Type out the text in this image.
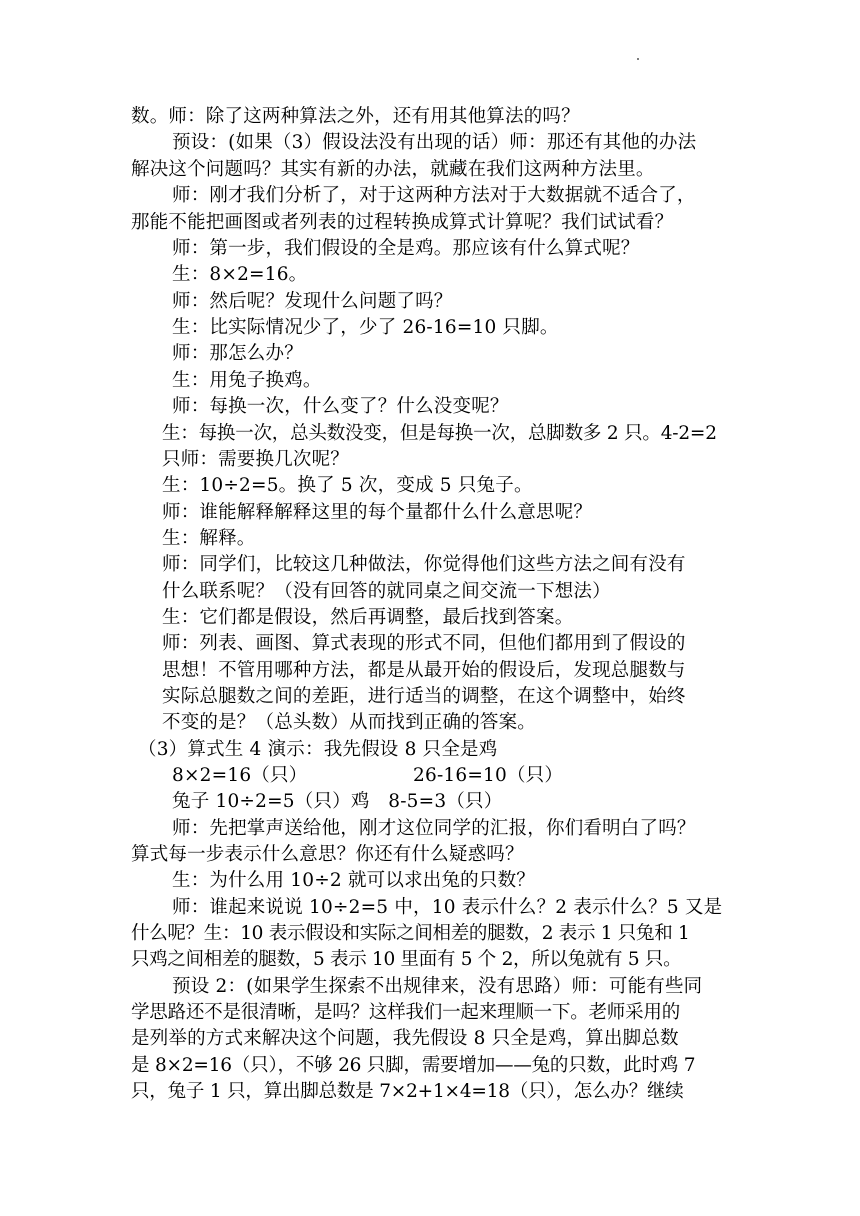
数。师：除了这两种算法之外，还有用其他算法的吗？
预设：(如果（3）假设法没有出现的话）师：那还有其他的办法
解决这个问题吗？其实有新的办法，就藏在我们这两种方法里。
师：刚才我们分析了，对于这两种方法对于大数据就不适合了，
那能不能把画图或者列表的过程转换成算式计算呢？我们试试看？
师：第一步，我们假设的全是鸡。那应该有什么算式呢？
生：8×2=16。
师：然后呢？发现什么问题了吗？
生：比实际情况少了，少了 26-16=10 只脚。
师：那怎么办？
生：用兔子换鸡。
师：每换一次，什么变了？什么没变呢？
生：每换一次，总头数没变，但是每换一次，总脚数多 2 只。4-2=2
只师：需要换几次呢？
生：10÷2=5。换了 5 次，变成 5 只兔子。
师：谁能解释解释这里的每个量都什么什么意思呢？
生：解释。
师：同学们，比较这几种做法，你觉得他们这些方法之间有没有
什么联系呢？（没有回答的就同桌之间交流一下想法）
生：它们都是假设，然后再调整，最后找到答案。
师：列表、画图、算式表现的形式不同，但他们都用到了假设的
思想！不管用哪种方法，都是从最开始的假设后，发现总腿数与
实际总腿数之间的差距，进行适当的调整，在这个调整中，始终
不变的是？（总头数）从而找到正确的答案。
（3）算式生 4 演示：我先假设 8 只全是鸡
8×2=16（只）	26-16=10（只）
兔子 10÷2=5（只）鸡　8-5=3（只）
师：先把掌声送给他，刚才这位同学的汇报，你们看明白了吗？
算式每一步表示什么意思？你还有什么疑惑吗？
生：为什么用 10÷2 就可以求出兔的只数？
师：谁起来说说 10÷2=5 中，10 表示什么？2 表示什么？5 又是
什么呢？生：10 表示假设和实际之间相差的腿数，2 表示 1 只兔和 1
只鸡之间相差的腿数，5 表示 10 里面有 5 个 2，所以兔就有 5 只。
预设 2：(如果学生探索不出规律来，没有思路）师：可能有些同
学思路还不是很清晰，是吗？这样我们一起来理顺一下。老师采用的
是列举的方式来解决这个问题，我先假设 8 只全是鸡，算出脚总数
是 8×2=16（只），不够 26 只脚，需要增加——兔的只数，此时鸡 7
只，兔子 1 只，算出脚总数是 7×2+1×4=18（只），怎么办？继续
